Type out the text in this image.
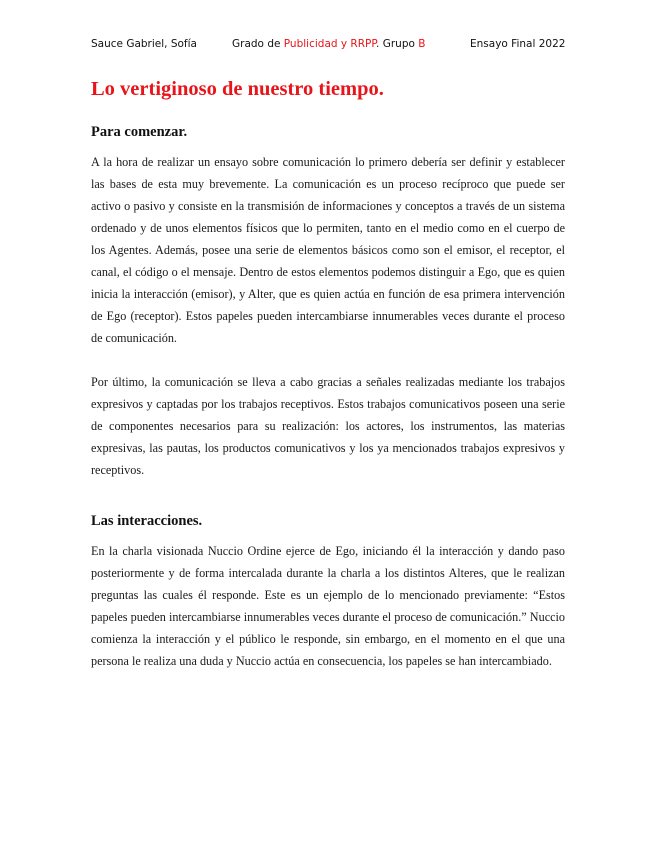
Sauce Gabriel, Sofía	Grado de Publicidad y RRPP. Grupo B	Ensayo Final 2022
Lo vertiginoso de nuestro tiempo.
Para comenzar.

A la hora de realizar un ensayo sobre comunicación lo primero debería ser definir y establecer las bases de esta muy brevemente. La comunicación es un proceso recíproco que puede ser activo o pasivo y consiste en la transmisión de informaciones y conceptos a través de un sistema ordenado y de unos elementos físicos que lo permiten, tanto en el medio como en el cuerpo de los Agentes. Además, posee una serie de elementos básicos como son el emisor, el receptor, el canal, el código o el mensaje. Dentro de estos elementos podemos distinguir a Ego, que es quien inicia la interacción (emisor), y Alter, que es quien actúa en función de esa primera intervención de Ego (receptor). Estos papeles pueden intercambiarse innumerables veces durante el proceso de comunicación.

Por último, la comunicación se lleva a cabo gracias a señales realizadas mediante los trabajos expresivos y captadas por los trabajos receptivos. Estos trabajos comunicativos poseen una serie de componentes necesarios para su realización: los actores, los instrumentos, las materias expresivas, las pautas, los productos comunicativos y los ya mencionados trabajos expresivos y receptivos.

Las interacciones.

En la charla visionada Nuccio Ordine ejerce de Ego, iniciando él la interacción y dando paso posteriormente y de forma intercalada durante la charla a los distintos Alteres, que le realizan preguntas las cuales él responde. Este es un ejemplo de lo mencionado previamente: “Estos papeles pueden intercambiarse innumerables veces durante el proceso de comunicación.” Nuccio comienza la interacción y el público le responde, sin embargo, en el momento en el que una persona le realiza una duda y Nuccio actúa en consecuencia, los papeles se han intercambiado.
